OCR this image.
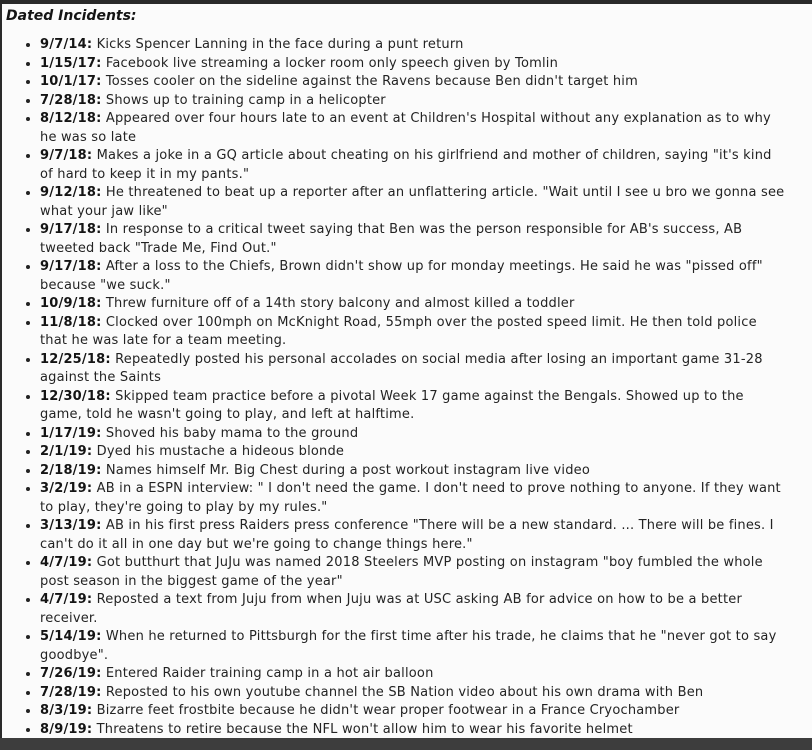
Dated Incidents:
• 9/7/14: Kicks Spencer Lanning in the face during a punt return
• 1/15/17: Facebook live streaming a locker room only speech given by Tomlin
• 10/1/17: Tosses cooler on the sideline against the Ravens because Ben didn't target him
• 7/28/18: Shows up to training camp in a helicopter
• 8/12/18: Appeared over four hours late to an event at Children's Hospital without any explanation as to why he was so late
• 9/7/18: Makes a joke in a GQ article about cheating on his girlfriend and mother of children, saying "it's kind of hard to keep it in my pants."
• 9/12/18: He threatened to beat up a reporter after an unflattering article. "Wait until I see u bro we gonna see what your jaw like"
• 9/17/18: In response to a critical tweet saying that Ben was the person responsible for AB's success, AB tweeted back "Trade Me, Find Out."
• 9/17/18: After a loss to the Chiefs, Brown didn't show up for monday meetings. He said he was "pissed off" because "we suck."
• 10/9/18: Threw furniture off of a 14th story balcony and almost killed a toddler
• 11/8/18: Clocked over 100mph on McKnight Road, 55mph over the posted speed limit. He then told police that he was late for a team meeting.
• 12/25/18: Repeatedly posted his personal accolades on social media after losing an important game 31-28 against the Saints
• 12/30/18: Skipped team practice before a pivotal Week 17 game against the Bengals. Showed up to the game, told he wasn't going to play, and left at halftime.
• 1/17/19: Shoved his baby mama to the ground
• 2/1/19: Dyed his mustache a hideous blonde
• 2/18/19: Names himself Mr. Big Chest during a post workout instagram live video
• 3/2/19: AB in a ESPN interview: " I don't need the game. I don't need to prove nothing to anyone. If they want to play, they're going to play by my rules."
• 3/13/19: AB in his first press Raiders press conference "There will be a new standard. ... There will be fines. I can't do it all in one day but we're going to change things here."
• 4/7/19: Got butthurt that JuJu was named 2018 Steelers MVP posting on instagram "boy fumbled the whole post season in the biggest game of the year"
• 4/7/19: Reposted a text from Juju from when Juju was at USC asking AB for advice on how to be a better receiver.
• 5/14/19: When he returned to Pittsburgh for the first time after his trade, he claims that he "never got to say goodbye".
• 7/26/19: Entered Raider training camp in a hot air balloon
• 7/28/19: Reposted to his own youtube channel the SB Nation video about his own drama with Ben
• 8/3/19: Bizarre feet frostbite because he didn't wear proper footwear in a France Cryochamber
• 8/9/19: Threatens to retire because the NFL won't allow him to wear his favorite helmet
